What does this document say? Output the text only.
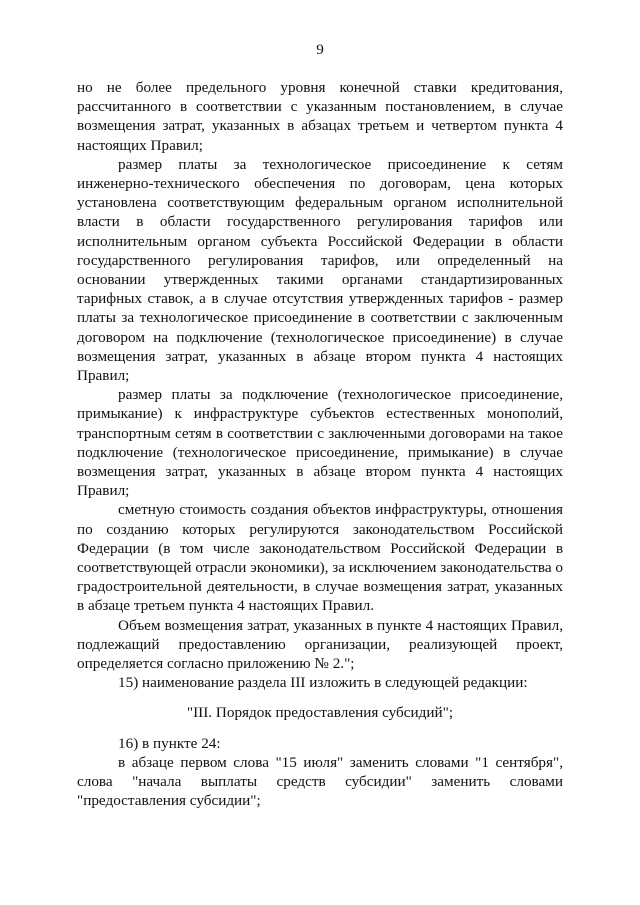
9

но не более предельного уровня конечной ставки кредитования, рассчитанного в соответствии с указанным постановлением, в случае возмещения затрат, указанных в абзацах третьем и четвертом пункта 4 настоящих Правил;

размер платы за технологическое присоединение к сетям инженерно-технического обеспечения по договорам, цена которых установлена соответствующим федеральным органом исполнительной власти в области государственного регулирования тарифов или исполнительным органом субъекта Российской Федерации в области государственного регулирования тарифов, или определенный на основании утвержденных такими органами стандартизированных тарифных ставок, а в случае отсутствия утвержденных тарифов - размер платы за технологическое присоединение в соответствии с заключенным договором на подключение (технологическое присоединение) в случае возмещения затрат, указанных в абзаце втором пункта 4 настоящих Правил;

размер платы за подключение (технологическое присоединение, примыкание) к инфраструктуре субъектов естественных монополий, транспортным сетям в соответствии с заключенными договорами на такое подключение (технологическое присоединение, примыкание) в случае возмещения затрат, указанных в абзаце втором пункта 4 настоящих Правил;

сметную стоимость создания объектов инфраструктуры, отношения по созданию которых регулируются законодательством Российской Федерации (в том числе законодательством Российской Федерации в соответствующей отрасли экономики), за исключением законодательства о градостроительной деятельности, в случае возмещения затрат, указанных в абзаце третьем пункта 4 настоящих Правил.

Объем возмещения затрат, указанных в пункте 4 настоящих Правил, подлежащий предоставлению организации, реализующей проект, определяется согласно приложению № 2.";

15) наименование раздела III изложить в следующей редакции:

"III. Порядок предоставления субсидий";

16) в пункте 24:

в абзаце первом слова "15 июля" заменить словами "1 сентября", слова "начала выплаты средств субсидии" заменить словами "предоставления субсидии";
